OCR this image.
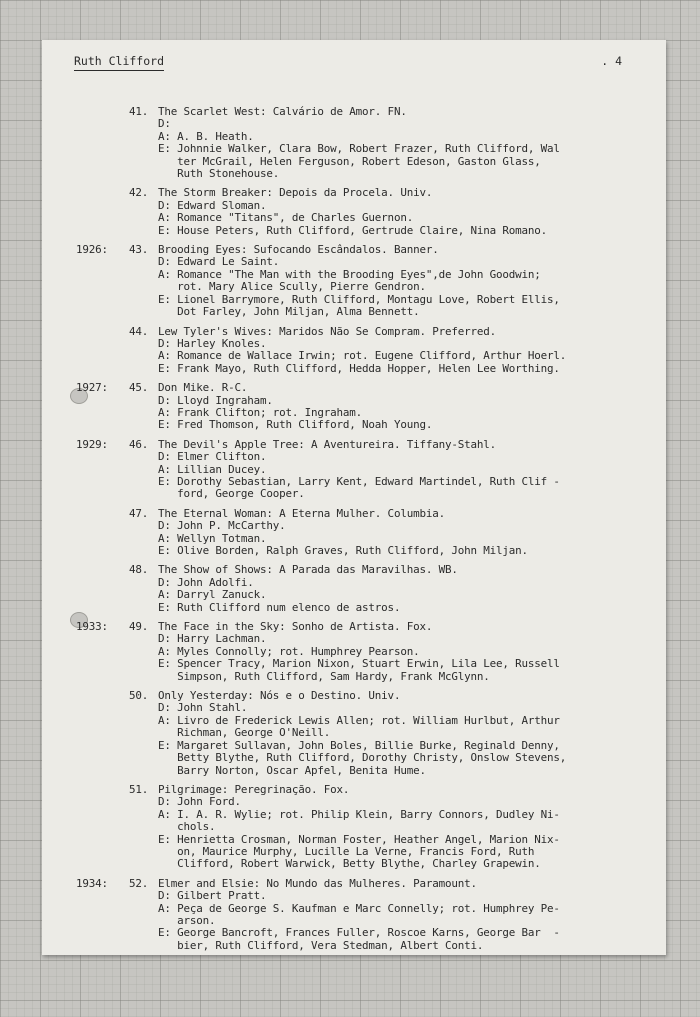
Ruth Clifford	. 4
41. The Scarlet West: Calvário de Amor. FN.
D:
A: A. B. Heath.
E: Johnnie Walker, Clara Bow, Robert Frazer, Ruth Clifford, Wal
ter McGrail, Helen Ferguson, Robert Edeson, Gaston Glass,
Ruth Stonehouse.
42. The Storm Breaker: Depois da Procela. Univ.
D: Edward Sloman.
A: Romance "Titans", de Charles Guernon.
E: House Peters, Ruth Clifford, Gertrude Claire, Nina Romano.
1926: 43. Brooding Eyes: Sufocando Escândalos. Banner.
D: Edward Le Saint.
A: Romance "The Man with the Brooding Eyes",de John Goodwin;
rot. Mary Alice Scully, Pierre Gendron.
E: Lionel Barrymore, Ruth Clifford, Montagu Love, Robert Ellis,
Dot Farley, John Miljan, Alma Bennett.
44. Lew Tyler's Wives: Maridos Não Se Compram. Preferred.
D: Harley Knoles.
A: Romance de Wallace Irwin; rot. Eugene Clifford, Arthur Hoerl.
E: Frank Mayo, Ruth Clifford, Hedda Hopper, Helen Lee Worthing.
1927: 45. Don Mike. R-C.
D: Lloyd Ingraham.
A: Frank Clifton; rot. Ingraham.
E: Fred Thomson, Ruth Clifford, Noah Young.
1929: 46. The Devil's Apple Tree: A Aventureira. Tiffany-Stahl.
D: Elmer Clifton.
A: Lillian Ducey.
E: Dorothy Sebastian, Larry Kent, Edward Martindel, Ruth Clif -
ford, George Cooper.
47. The Eternal Woman: A Eterna Mulher. Columbia.
D: John P. McCarthy.
A: Wellyn Totman.
E: Olive Borden, Ralph Graves, Ruth Clifford, John Miljan.
48. The Show of Shows: A Parada das Maravilhas. WB.
D: John Adolfi.
A: Darryl Zanuck.
E: Ruth Clifford num elenco de astros.
1933: 49. The Face in the Sky: Sonho de Artista. Fox.
D: Harry Lachman.
A: Myles Connolly; rot. Humphrey Pearson.
E: Spencer Tracy, Marion Nixon, Stuart Erwin, Lila Lee, Russell
Simpson, Ruth Clifford, Sam Hardy, Frank McGlynn.
50. Only Yesterday: Nós e o Destino. Univ.
D: John Stahl.
A: Livro de Frederick Lewis Allen; rot. William Hurlbut, Arthur
Richman, George O'Neill.
E: Margaret Sullavan, John Boles, Billie Burke, Reginald Denny,
Betty Blythe, Ruth Clifford, Dorothy Christy, Onslow Stevens,
Barry Norton, Oscar Apfel, Benita Hume.
51. Pilgrimage: Peregrinação. Fox.
D: John Ford.
A: I. A. R. Wylie; rot. Philip Klein, Barry Connors, Dudley Ni-
chols.
E: Henrietta Crosman, Norman Foster, Heather Angel, Marion Nix-
on, Maurice Murphy, Lucille La Verne, Francis Ford, Ruth
Clifford, Robert Warwick, Betty Blythe, Charley Grapewin.
1934: 52. Elmer and Elsie: No Mundo das Mulheres. Paramount.
D: Gilbert Pratt.
A: Peça de George S. Kaufman e Marc Connelly; rot. Humphrey Pe-
arson.
E: George Bancroft, Frances Fuller, Roscoe Karns, George Bar  -
bier, Ruth Clifford, Vera Stedman, Albert Conti.
